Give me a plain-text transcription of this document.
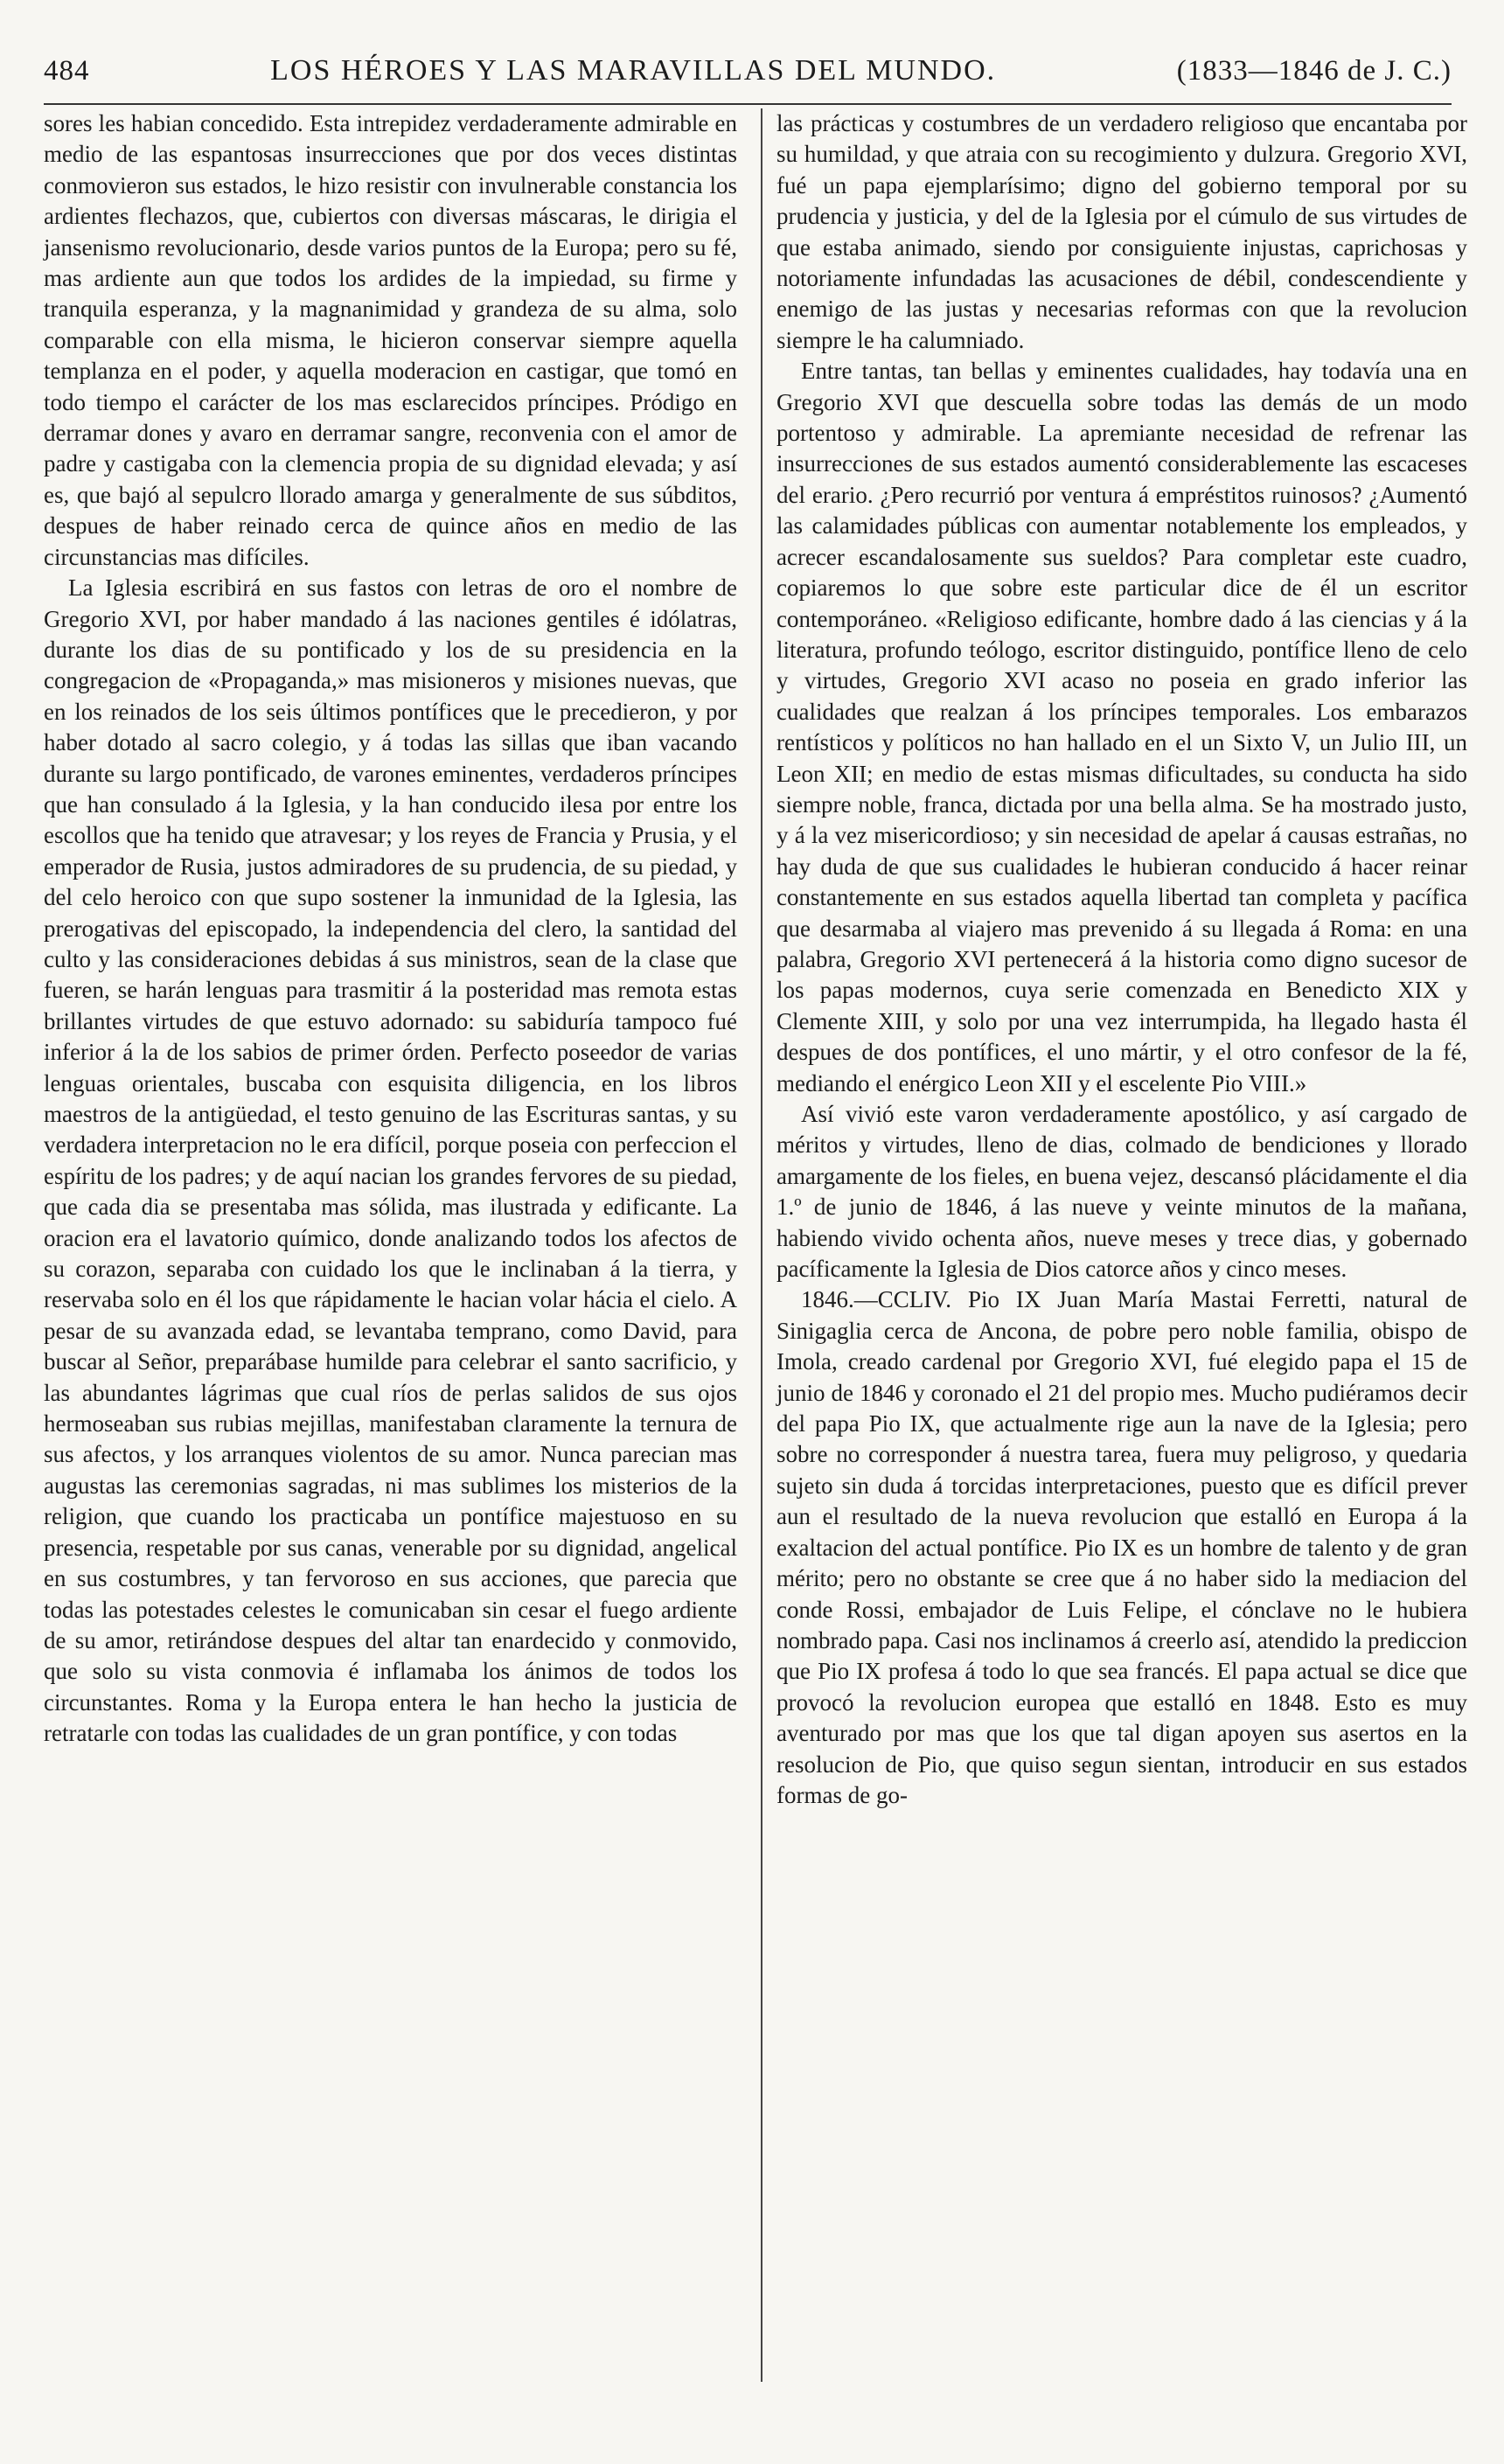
484	LOS HÉROES Y LAS MARAVILLAS DEL MUNDO.	(1833—1846 de J. C.)

sores les habian concedido. Esta intrepidez verdaderamente admirable en medio de las espantosas insurrecciones que por dos veces distintas conmovieron sus estados, le hizo resistir con invulnerable constancia los ardientes flechazos, que, cubiertos con diversas máscaras, le dirigia el jansenismo revolucionario, desde varios puntos de la Europa; pero su fé, mas ardiente aun que todos los ardides de la impiedad, su firme y tranquila esperanza, y la magnanimidad y grandeza de su alma, solo comparable con ella misma, le hicieron conservar siempre aquella templanza en el poder, y aquella moderacion en castigar, que tomó en todo tiempo el carácter de los mas esclarecidos príncipes. Pródigo en derramar dones y avaro en derramar sangre, reconvenia con el amor de padre y castigaba con la clemencia propia de su dignidad elevada; y así es, que bajó al sepulcro llorado amarga y generalmente de sus súbditos, despues de haber reinado cerca de quince años en medio de las circunstancias mas difíciles.

La Iglesia escribirá en sus fastos con letras de oro el nombre de Gregorio XVI, por haber mandado á las naciones gentiles é idólatras, durante los dias de su pontificado y los de su presidencia en la congregacion de «Propaganda,» mas misioneros y misiones nuevas, que en los reinados de los seis últimos pontífices que le precedieron, y por haber dotado al sacro colegio, y á todas las sillas que iban vacando durante su largo pontificado, de varones eminentes, verdaderos príncipes que han consulado á la Iglesia, y la han conducido ilesa por entre los escollos que ha tenido que atravesar; y los reyes de Francia y Prusia, y el emperador de Rusia, justos admiradores de su prudencia, de su piedad, y del celo heroico con que supo sostener la inmunidad de la Iglesia, las prerogativas del episcopado, la independencia del clero, la santidad del culto y las consideraciones debidas á sus ministros, sean de la clase que fueren, se harán lenguas para trasmitir á la posteridad mas remota estas brillantes virtudes de que estuvo adornado: su sabiduría tampoco fué inferior á la de los sabios de primer órden. Perfecto poseedor de varias lenguas orientales, buscaba con esquisita diligencia, en los libros maestros de la antigüedad, el testo genuino de las Escrituras santas, y su verdadera interpretacion no le era difícil, porque poseia con perfeccion el espíritu de los padres; y de aquí nacian los grandes fervores de su piedad, que cada dia se presentaba mas sólida, mas ilustrada y edificante. La oracion era el lavatorio químico, donde analizando todos los afectos de su corazon, separaba con cuidado los que le inclinaban á la tierra, y reservaba solo en él los que rápidamente le hacian volar hácia el cielo. A pesar de su avanzada edad, se levantaba temprano, como David, para buscar al Señor, preparábase humilde para celebrar el santo sacrificio, y las abundantes lágrimas que cual ríos de perlas salidos de sus ojos hermoseaban sus rubias mejillas, manifestaban claramente la ternura de sus afectos, y los arranques violentos de su amor. Nunca parecian mas augustas las ceremonias sagradas, ni mas sublimes los misterios de la religion, que cuando los practicaba un pontífice majestuoso en su presencia, respetable por sus canas, venerable por su dignidad, angelical en sus costumbres, y tan fervoroso en sus acciones, que parecia que todas las potestades celestes le comunicaban sin cesar el fuego ardiente de su amor, retirándose despues del altar tan enardecido y conmovido, que solo su vista conmovia é inflamaba los ánimos de todos los circunstantes. Roma y la Europa entera le han hecho la justicia de retratarle con todas las cualidades de un gran pontífice, y con todas

las prácticas y costumbres de un verdadero religioso que encantaba por su humildad, y que atraia con su recogimiento y dulzura. Gregorio XVI, fué un papa ejemplarísimo; digno del gobierno temporal por su prudencia y justicia, y del de la Iglesia por el cúmulo de sus virtudes de que estaba animado, siendo por consiguiente injustas, caprichosas y notoriamente infundadas las acusaciones de débil, condescendiente y enemigo de las justas y necesarias reformas con que la revolucion siempre le ha calumniado.

Entre tantas, tan bellas y eminentes cualidades, hay todavía una en Gregorio XVI que descuella sobre todas las demás de un modo portentoso y admirable. La apremiante necesidad de refrenar las insurrecciones de sus estados aumentó considerablemente las escaceses del erario. ¿Pero recurrió por ventura á empréstitos ruinosos? ¿Aumentó las calamidades públicas con aumentar notablemente los empleados, y acrecer escandalosamente sus sueldos? Para completar este cuadro, copiaremos lo que sobre este particular dice de él un escritor contemporáneo. «Religioso edificante, hombre dado á las ciencias y á la literatura, profundo teólogo, escritor distinguido, pontífice lleno de celo y virtudes, Gregorio XVI acaso no poseia en grado inferior las cualidades que realzan á los príncipes temporales. Los embarazos rentísticos y políticos no han hallado en el un Sixto V, un Julio III, un Leon XII; en medio de estas mismas dificultades, su conducta ha sido siempre noble, franca, dictada por una bella alma. Se ha mostrado justo, y á la vez misericordioso; y sin necesidad de apelar á causas estrañas, no hay duda de que sus cualidades le hubieran conducido á hacer reinar constantemente en sus estados aquella libertad tan completa y pacífica que desarmaba al viajero mas prevenido á su llegada á Roma: en una palabra, Gregorio XVI pertenecerá á la historia como digno sucesor de los papas modernos, cuya serie comenzada en Benedicto XIX y Clemente XIII, y solo por una vez interrumpida, ha llegado hasta él despues de dos pontífices, el uno mártir, y el otro confesor de la fé, mediando el enérgico Leon XII y el escelente Pio VIII.»

Así vivió este varon verdaderamente apostólico, y así cargado de méritos y virtudes, lleno de dias, colmado de bendiciones y llorado amargamente de los fieles, en buena vejez, descansó plácidamente el dia 1.º de junio de 1846, á las nueve y veinte minutos de la mañana, habiendo vivido ochenta años, nueve meses y trece dias, y gobernado pacíficamente la Iglesia de Dios catorce años y cinco meses.

1846.—CCLIV. Pio IX Juan María Mastai Ferretti, natural de Sinigaglia cerca de Ancona, de pobre pero noble familia, obispo de Imola, creado cardenal por Gregorio XVI, fué elegido papa el 15 de junio de 1846 y coronado el 21 del propio mes. Mucho pudiéramos decir del papa Pio IX, que actualmente rige aun la nave de la Iglesia; pero sobre no corresponder á nuestra tarea, fuera muy peligroso, y quedaria sujeto sin duda á torcidas interpretaciones, puesto que es difícil prever aun el resultado de la nueva revolucion que estalló en Europa á la exaltacion del actual pontífice. Pio IX es un hombre de talento y de gran mérito; pero no obstante se cree que á no haber sido la mediacion del conde Rossi, embajador de Luis Felipe, el cónclave no le hubiera nombrado papa. Casi nos inclinamos á creerlo así, atendido la prediccion que Pio IX profesa á todo lo que sea francés. El papa actual se dice que provocó la revolucion europea que estalló en 1848. Esto es muy aventurado por mas que los que tal digan apoyen sus asertos en la resolucion de Pio, que quiso segun sientan, introducir en sus estados formas de go-
